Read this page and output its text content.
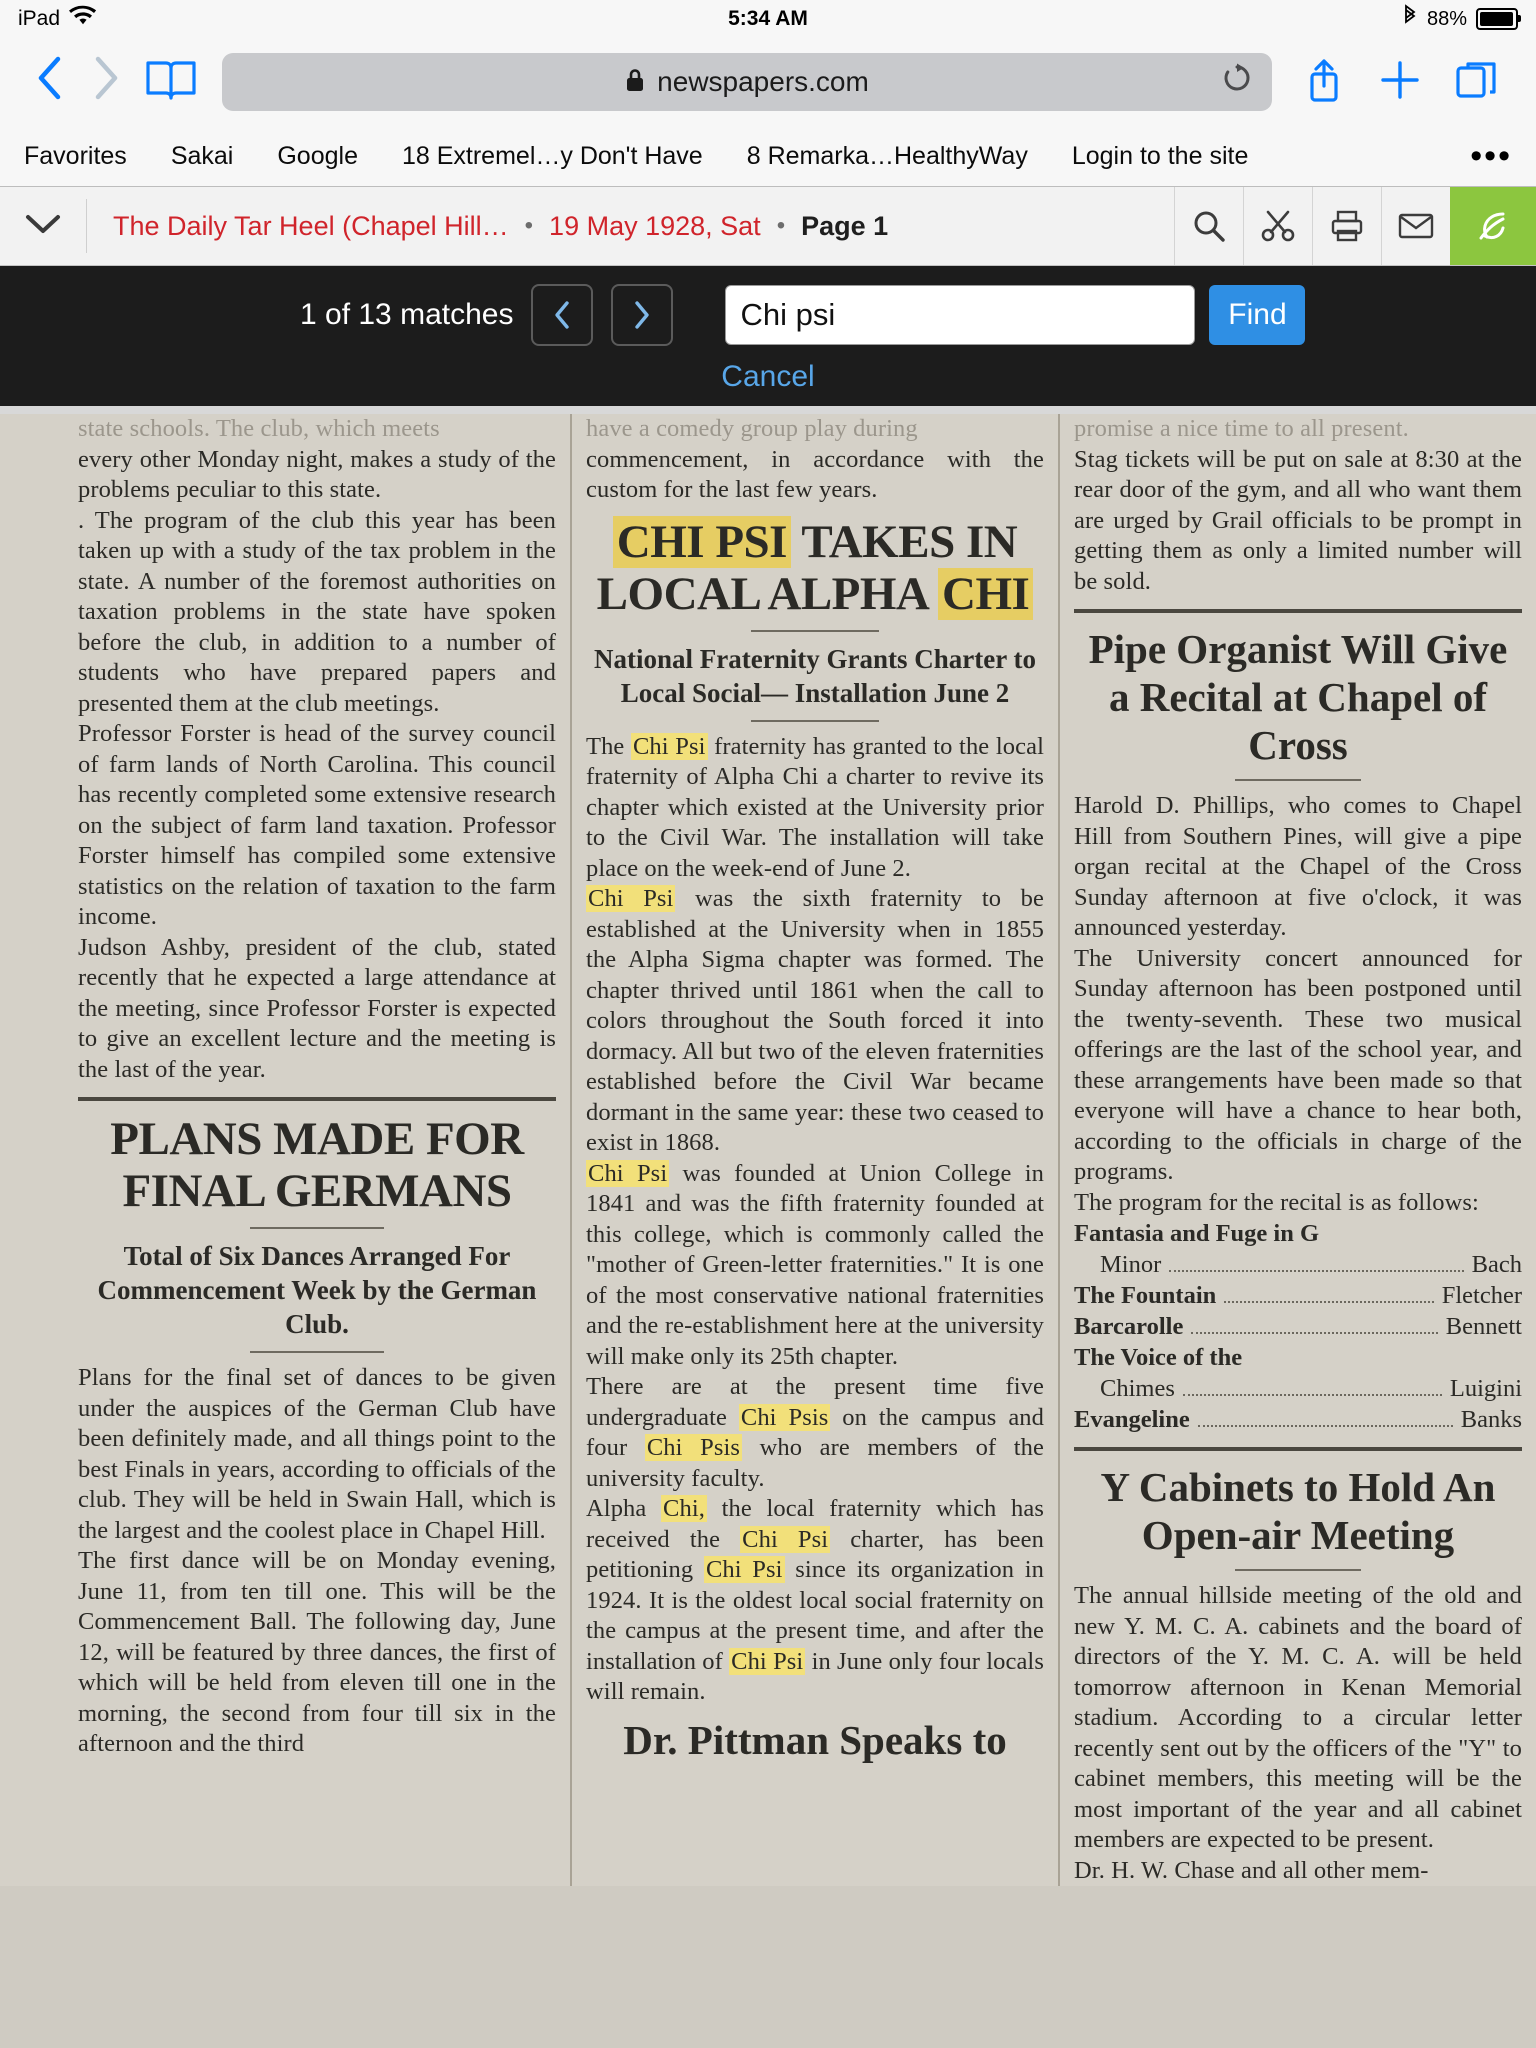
iPad	5:34 AM	88%
newspapers.com
Favorites Sakai Google 18 Extremel…y Don't Have 8 Remarka…HealthyWay Login to the site	•••
The Daily Tar Heel (Chapel Hill… • 19 May 1928, Sat • Page 1
1 of 13 matches	Chi psi	Find
Cancel
state schools. The club, which meets
every other Monday night, makes a study of the problems peculiar to this state.
. The program of the club this year has been taken up with a study of the tax problem in the state. A number of the foremost authorities on taxation problems in the state have spoken before the club, in addition to a number of students who have prepared papers and presented them at the club meetings.
Professor Forster is head of the survey council of farm lands of North Carolina. This council has recently completed some extensive research on the subject of farm land taxation. Professor Forster himself has compiled some extensive statistics on the relation of taxation to the farm income.
Judson Ashby, president of the club, stated recently that he expected a large attendance at the meeting, since Professor Forster is expected to give an excellent lecture and the meeting is the last of the year.
PLANS MADE FOR FINAL GERMANS
Total of Six Dances Arranged For Commencement Week by the German Club.
Plans for the final set of dances to be given under the auspices of the German Club have been definitely made, and all things point to the best Finals in years, according to officials of the club. They will be held in Swain Hall, which is the largest and the coolest place in Chapel Hill.
The first dance will be on Monday evening, June 11, from ten till one. This will be the Commencement Ball. The following day, June 12, will be featured by three dances, the first of which will be held from eleven till one in the morning, the second from four till six in the afternoon and the third
have a comedy group play during
commencement, in accordance with the custom for the last few years.
CHI PSI TAKES IN
LOCAL ALPHA CHI
National Fraternity Grants Charter to Local Social— Installation June 2
The Chi Psi fraternity has granted to the local fraternity of Alpha Chi a charter to revive its chapter which existed at the University prior to the Civil War. The installation will take place on the week-end of June 2.
Chi Psi was the sixth fraternity to be established at the University when in 1855 the Alpha Sigma chapter was formed. The chapter thrived until 1861 when the call to colors throughout the South forced it into dormacy. All but two of the eleven fraternities established before the Civil War became dormant in the same year: these two ceased to exist in 1868.
Chi Psi was founded at Union College in 1841 and was the fifth fraternity founded at this college, which is commonly called the "mother of Green-letter fraternities." It is one of the most conservative national fraternities and the re-establishment here at the university will make only its 25th chapter.
There are at the present time five undergraduate Chi Psis on the campus and four Chi Psis who are members of the university faculty.
Alpha Chi, the local fraternity which has received the Chi Psi charter, has been petitioning Chi Psi since its organization in 1924. It is the oldest local social fraternity on the campus at the present time, and after the installation of Chi Psi in June only four locals will remain.
Dr. Pittman Speaks to
promise a nice time to all present.
Stag tickets will be put on sale at 8:30 at the rear door of the gym, and all who want them are urged by Grail officials to be prompt in getting them as only a limited number will be sold.
Pipe Organist Will Give a Recital at Chapel of Cross
Harold D. Phillips, who comes to Chapel Hill from Southern Pines, will give a pipe organ recital at the Chapel of the Cross Sunday afternoon at five o'clock, it was announced yesterday.
The University concert announced for Sunday afternoon has been postponed until the twenty-seventh. These two musical offerings are the last of the school year, and these arrangements have been made so that everyone will have a chance to hear both, according to the officials in charge of the programs.
The program for the recital is as follows:
Fantasia and Fuge in G
Minor	Bach
The Fountain	Fletcher
Barcarolle	Bennett
The Voice of the
Chimes	Luigini
Evangeline	Banks
Y Cabinets to Hold An Open-air Meeting
The annual hillside meeting of the old and new Y. M. C. A. cabinets and the board of directors of the Y. M. C. A. will be held tomorrow afternoon in Kenan Memorial stadium. According to a circular letter recently sent out by the officers of the "Y" to cabinet members, this meeting will be the most important of the year and all cabinet members are expected to be present.
Dr. H. W. Chase and all other mem-
